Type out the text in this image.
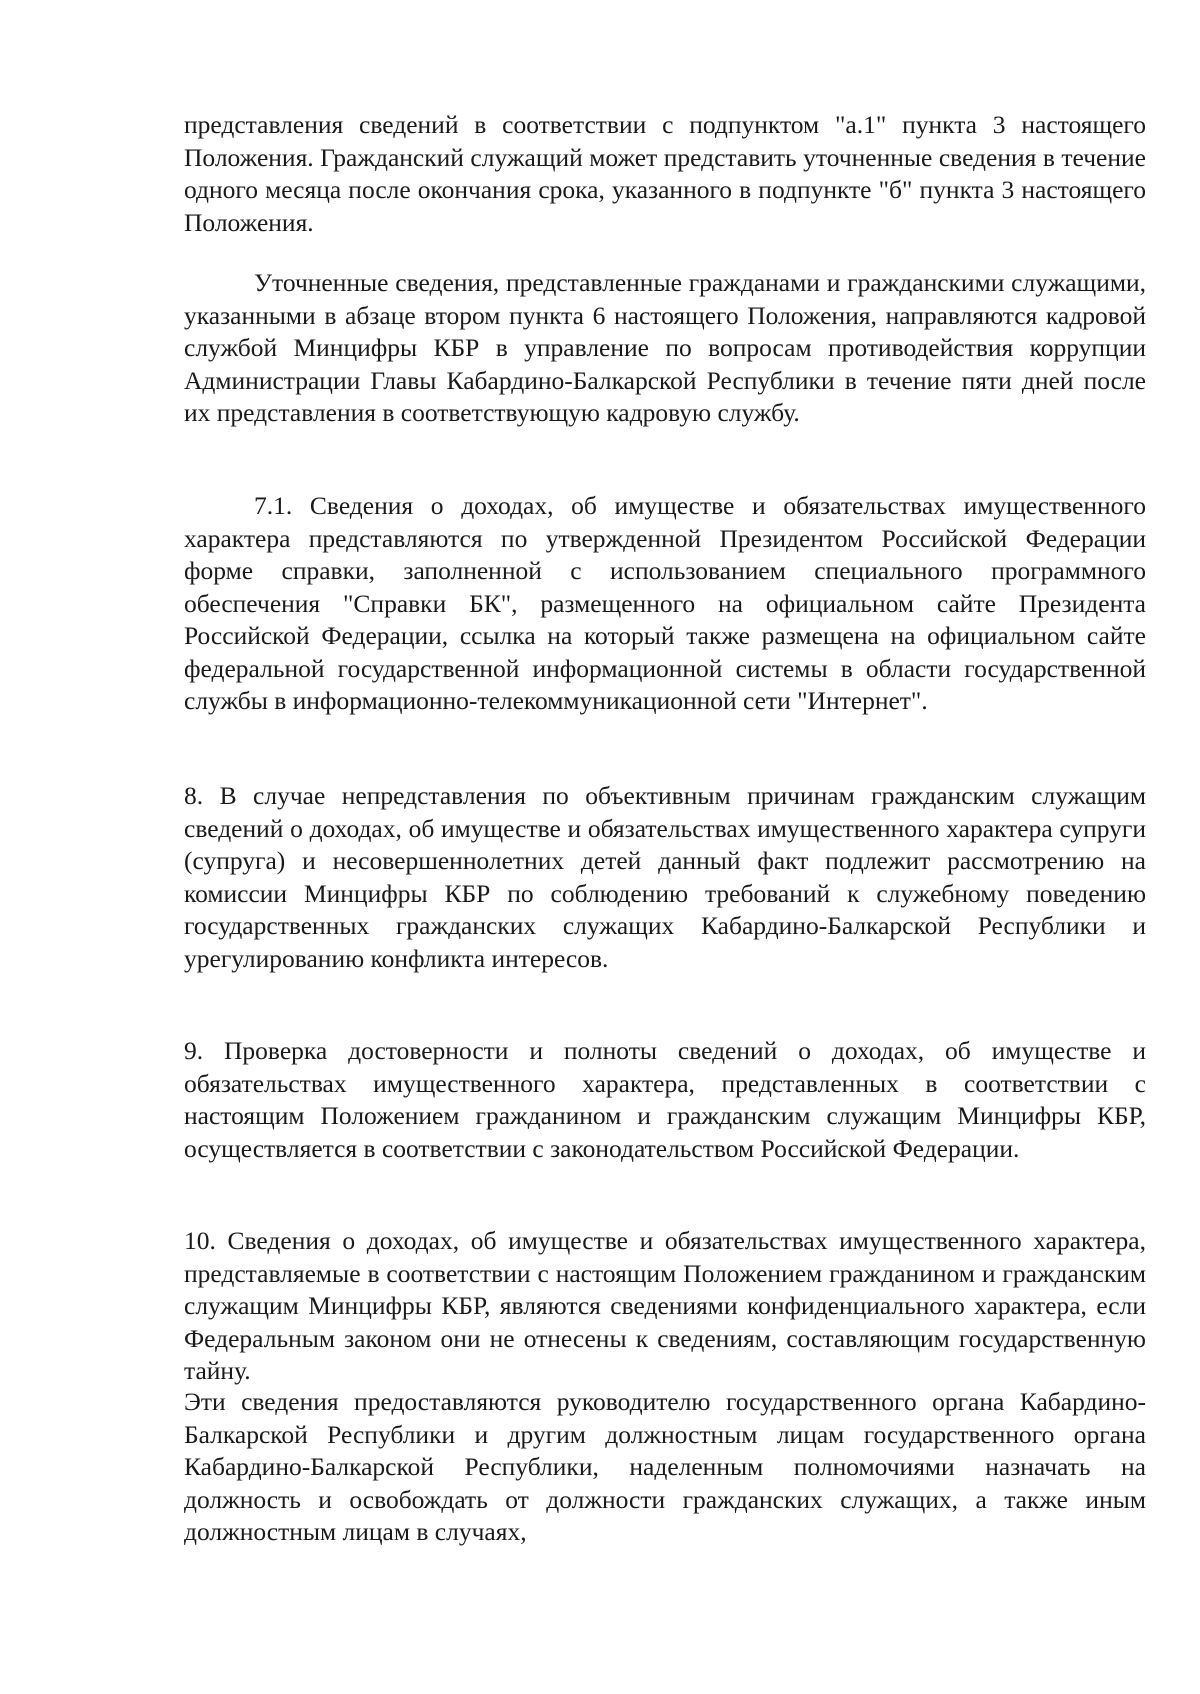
представления сведений в соответствии с подпунктом "а.1" пункта 3 настоящего Положения. Гражданский служащий может представить уточненные сведения в течение одного месяца после окончания срока, указанного в подпункте "б" пункта 3 настоящего Положения.

Уточненные сведения, представленные гражданами и гражданскими служащими, указанными в абзаце втором пункта 6 настоящего Положения, направляются кадровой службой Минцифры КБР в управление по вопросам противодействия коррупции Администрации Главы Кабардино-Балкарской Республики в течение пяти дней после их представления в соответствующую кадровую службу.

7.1. Сведения о доходах, об имуществе и обязательствах имущественного характера представляются по утвержденной Президентом Российской Федерации форме справки, заполненной с использованием специального программного обеспечения "Справки БК", размещенного на официальном сайте Президента Российской Федерации, ссылка на который также размещена на официальном сайте федеральной государственной информационной системы в области государственной службы в информационно-телекоммуникационной сети "Интернет".

8. В случае непредставления по объективным причинам гражданским служащим сведений о доходах, об имуществе и обязательствах имущественного характера супруги (супруга) и несовершеннолетних детей данный факт подлежит рассмотрению на комиссии Минцифры КБР по соблюдению требований к служебному поведению государственных гражданских служащих Кабардино-Балкарской Республики и урегулированию конфликта интересов.

9. Проверка достоверности и полноты сведений о доходах, об имуществе и обязательствах имущественного характера, представленных в соответствии с настоящим Положением гражданином и гражданским служащим Минцифры КБР, осуществляется в соответствии с законодательством Российской Федерации.

10. Сведения о доходах, об имуществе и обязательствах имущественного характера, представляемые в соответствии с настоящим Положением гражданином и гражданским служащим Минцифры КБР, являются сведениями конфиденциального характера, если Федеральным законом они не отнесены к сведениям, составляющим государственную тайну.

Эти сведения предоставляются руководителю государственного органа Кабардино-Балкарской Республики и другим должностным лицам государственного органа Кабардино-Балкарской Республики, наделенным полномочиями назначать на должность и освобождать от должности гражданских служащих, а также иным должностным лицам в случаях,
